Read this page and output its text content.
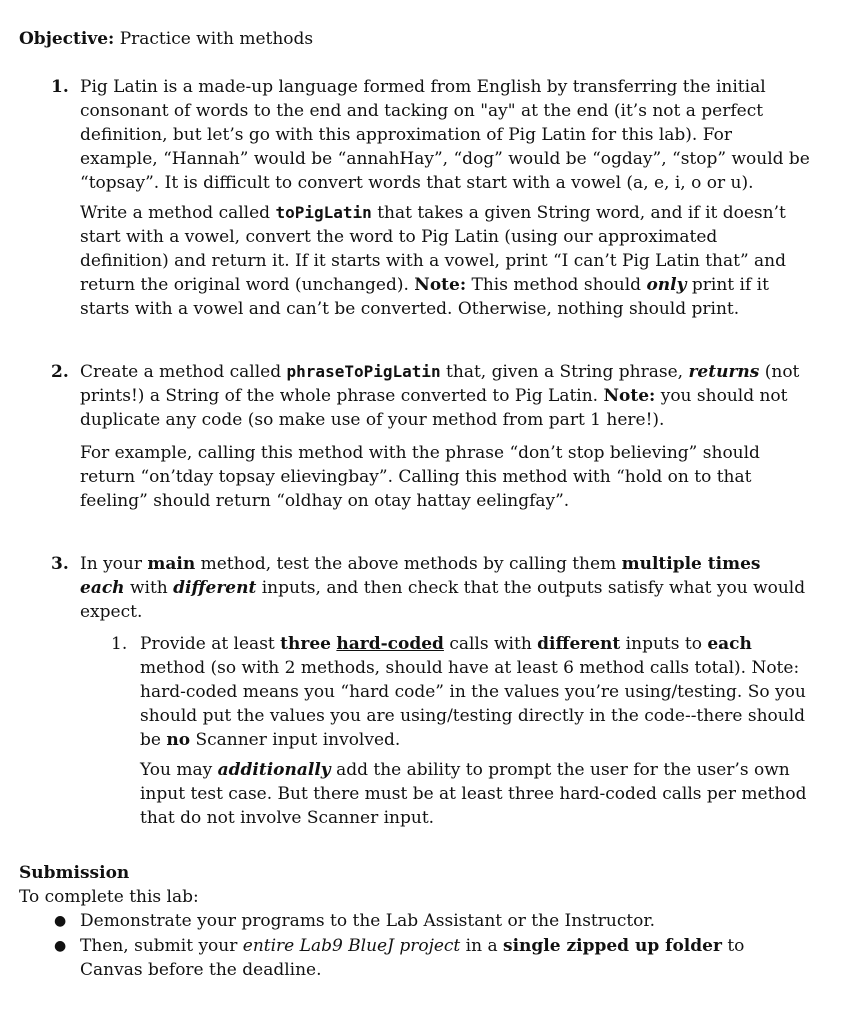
Objective: Practice with methods

1. Pig Latin is a made-up language formed from English by transferring the initial consonant of words to the end and tacking on "ay" at the end (it’s not a perfect definition, but let’s go with this approximation of Pig Latin for this lab). For example, “Hannah” would be “annahHay”, “dog” would be “ogday”, “stop” would be “topsay”. It is difficult to convert words that start with a vowel (a, e, i, o or u).

Write a method called toPigLatin that takes a given String word, and if it doesn’t start with a vowel, convert the word to Pig Latin (using our approximated definition) and return it. If it starts with a vowel, print “I can’t Pig Latin that” and return the original word (unchanged). Note: This method should only print if it starts with a vowel and can’t be converted. Otherwise, nothing should print.

2. Create a method called phraseToPigLatin that, given a String phrase, returns (not prints!) a String of the whole phrase converted to Pig Latin. Note: you should not duplicate any code (so make use of your method from part 1 here!).

For example, calling this method with the phrase “don’t stop believing” should return “on’tday topsay elievingbay”. Calling this method with “hold on to that feeling” should return “oldhay on otay hattay eelingfay”.

3. In your main method, test the above methods by calling them multiple times each with different inputs, and then check that the outputs satisfy what you would expect.

1. Provide at least three hard-coded calls with different inputs to each method (so with 2 methods, should have at least 6 method calls total). Note: hard-coded means you “hard code” in the values you’re using/testing. So you should put the values you are using/testing directly in the code--there should be no Scanner input involved.

You may additionally add the ability to prompt the user for the user’s own input test case. But there must be at least three hard-coded calls per method that do not involve Scanner input.

Submission

To complete this lab:

● Demonstrate your programs to the Lab Assistant or the Instructor.

● Then, submit your entire Lab9 BlueJ project in a single zipped up folder to Canvas before the deadline.
